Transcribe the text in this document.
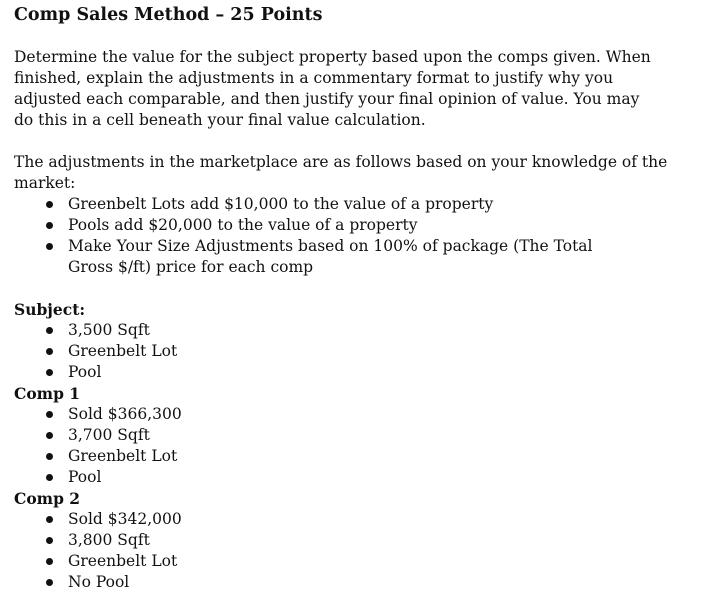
Comp Sales Method – 25 Points

Determine the value for the subject property based upon the comps given. When finished, explain the adjustments in a commentary format to justify why you adjusted each comparable, and then justify your final opinion of value. You may do this in a cell beneath your final value calculation.

The adjustments in the marketplace are as follows based on your knowledge of the market:

Greenbelt Lots add $10,000 to the value of a property
Pools add $20,000 to the value of a property
Make Your Size Adjustments based on 100% of package (The Total Gross $/ft) price for each comp
Subject:
3,500 Sqft
Greenbelt Lot
Pool
Comp 1
Sold $366,300
3,700 Sqft
Greenbelt Lot
Pool
Comp 2
Sold $342,000
3,800 Sqft
Greenbelt Lot
No Pool
